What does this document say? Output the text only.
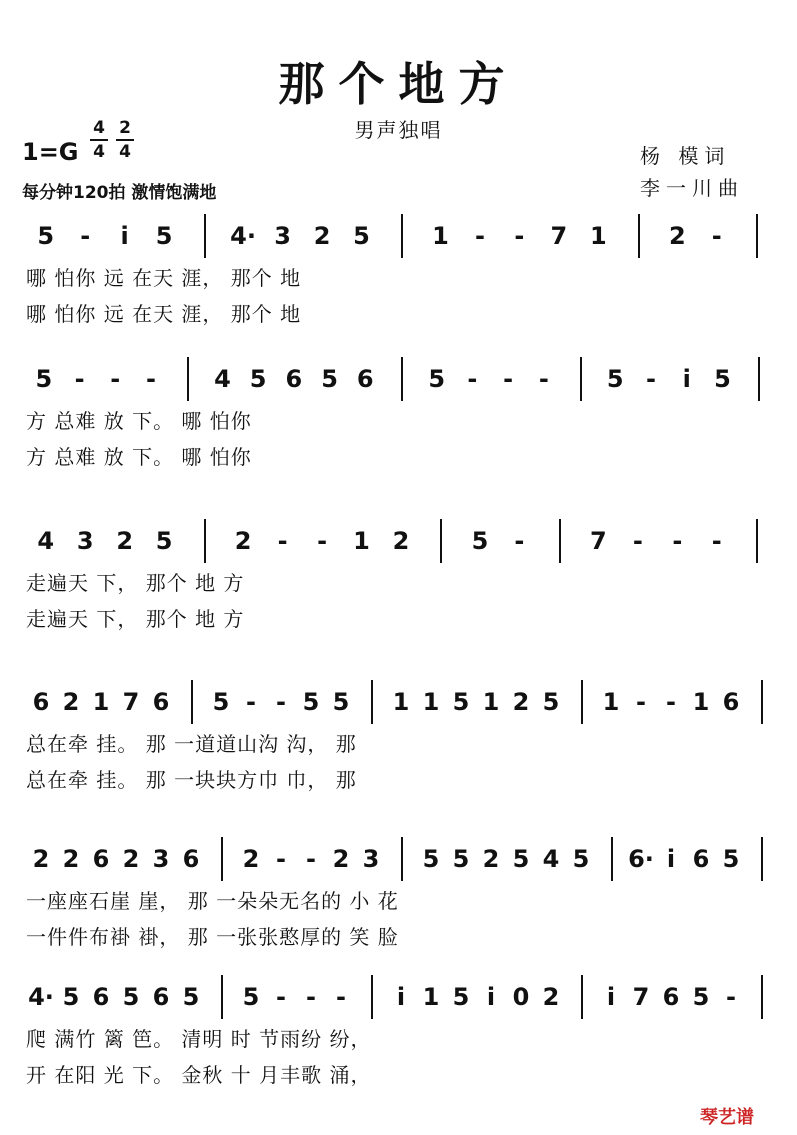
那个地方
男声独唱
1=G
4
4
2
4
每分钟120拍 激情饱满地
杨 模词
李一川曲
5	-	i	5	4· 3 2 5	1	-	-	7 1	2	-
哪 怕你 远 在天 涯， 那个 地
哪 怕你 远 在天 涯， 那个 地
5 -	-	-	4 5 6 5 6	5 -	-	-	5 -	i 5
方 总难 放 下。 哪 怕你
方 总难 放 下。 哪 怕你
4 3 2 5	2	-	-	1 2	5	-	7	-	-	-
走遍天 下， 那个 地 方
走遍天 下， 那个 地 方
6 2 1 7 6 5 - - 5 5 1 1 5 1 2 5 1 - - 1 6
总在牵 挂。 那 一道道山沟 沟， 那
总在牵 挂。 那 一块块方巾 巾， 那
2 2 6 2 3 6 2 - - 2 3 5 5 2 5 4 5 6· i 6 5
一座座石崖 崖， 那 一朵朵无名的 小 花
一件件布褂 褂， 那 一张张憨厚的 笑 脸
4· 5 6 5 6 5 5 - - -	i 1 5 i 0 2	i 7 6 5 -
爬 满竹 篱 笆。 清明 时 节雨纷 纷，
开 在阳 光 下。 金秋 十 月丰歌 涌，
琴艺谱
